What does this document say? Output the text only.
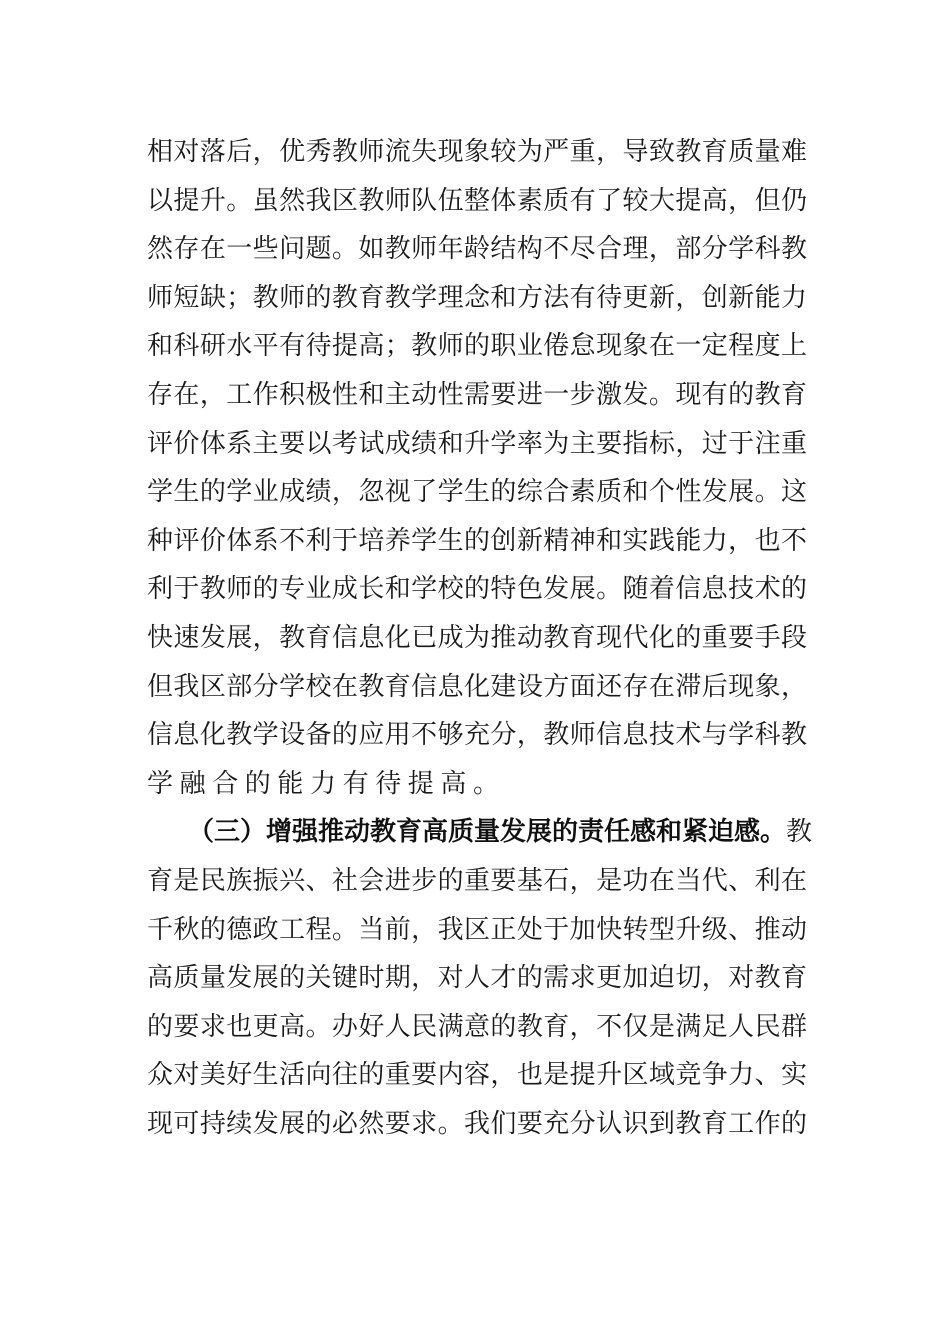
相对落后，优秀教师流失现象较为严重，导致教育质量难
以提升。虽然我区教师队伍整体素质有了较大提高，但仍
然存在一些问题。如教师年龄结构不尽合理，部分学科教
师短缺；教师的教育教学理念和方法有待更新，创新能力
和科研水平有待提高；教师的职业倦怠现象在一定程度上
存在，工作积极性和主动性需要进一步激发。现有的教育
评价体系主要以考试成绩和升学率为主要指标，过于注重
学生的学业成绩，忽视了学生的综合素质和个性发展。这
种评价体系不利于培养学生的创新精神和实践能力，也不
利于教师的专业成长和学校的特色发展。随着信息技术的
快速发展，教育信息化已成为推动教育现代化的重要手段
但我区部分学校在教育信息化建设方面还存在滞后现象，
信息化教学设备的应用不够充分，教师信息技术与学科教
学融合的能力有待提高。
（三）增强推动教育高质量发展的责任感和紧迫感。 教
育是民族振兴、社会进步的重要基石，是功在当代、利在
千秋的德政工程。当前，我区正处于加快转型升级、推动
高质量发展的关键时期，对人才的需求更加迫切，对教育
的要求也更高。办好人民满意的教育，不仅是满足人民群
众对美好生活向往的重要内容，也是提升区域竞争力、实
现可持续发展的必然要求。我们要充分认识到教育工作的
